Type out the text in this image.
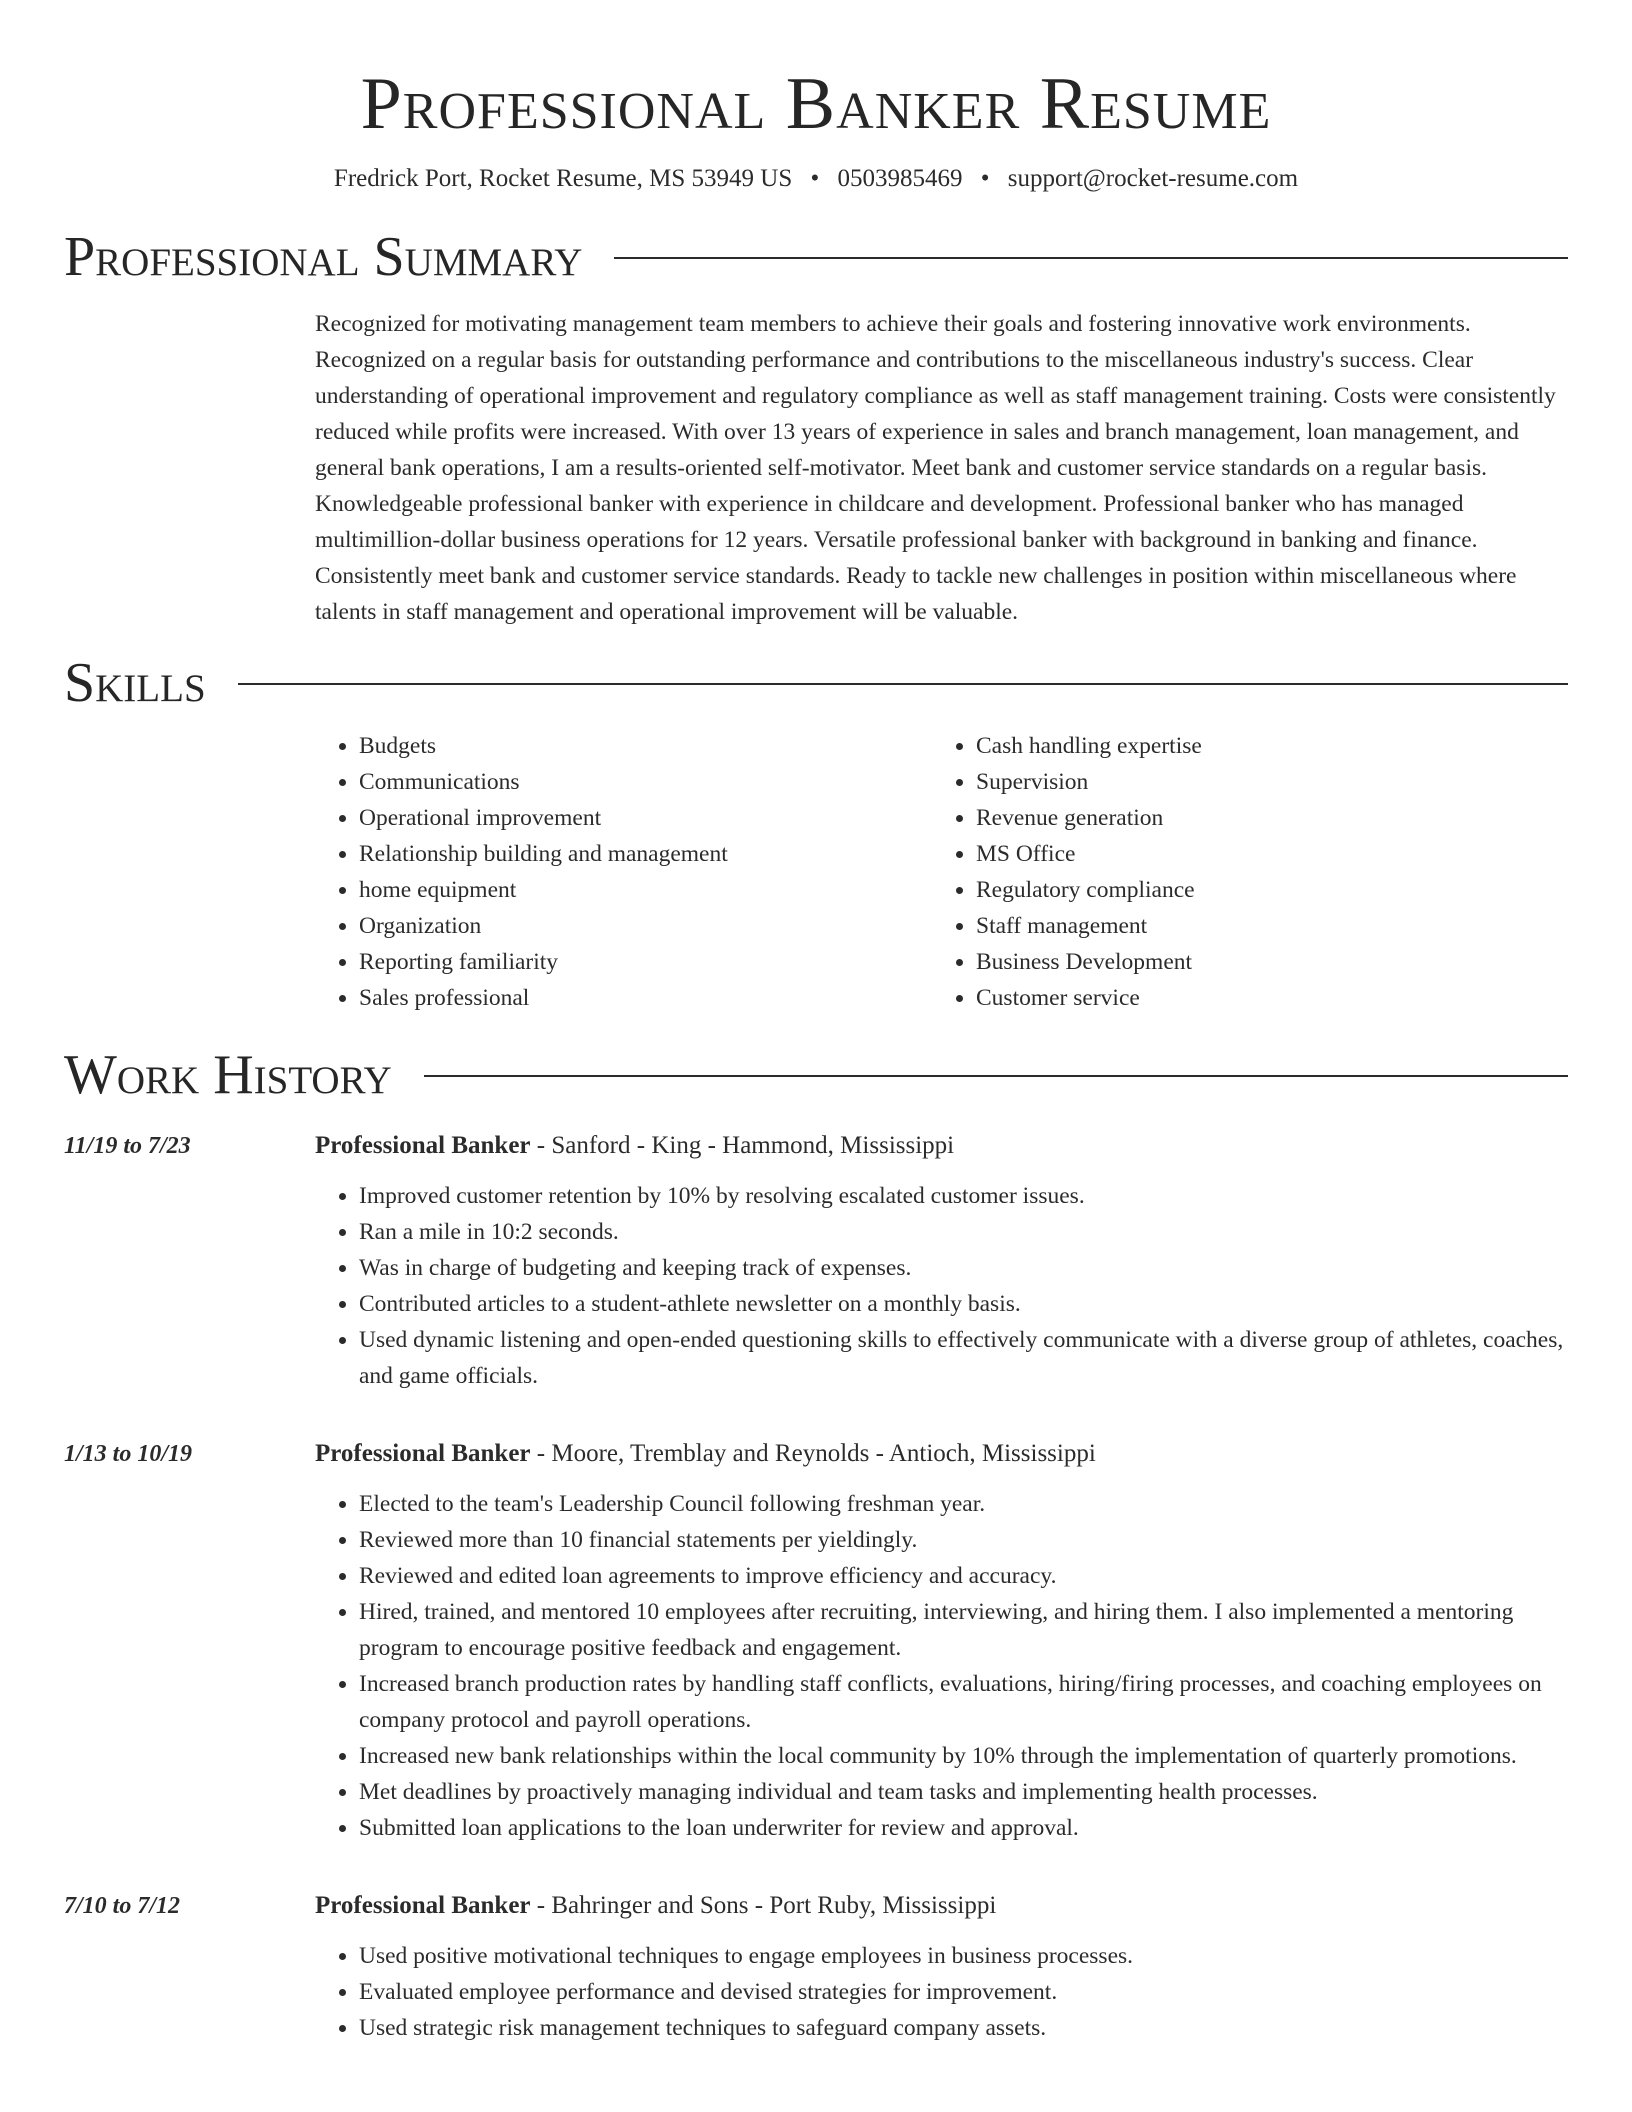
Professional Banker Resume
Fredrick Port, Rocket Resume, MS 53949 US • 0503985469 • support@rocket-resume.com
Professional Summary
Recognized for motivating management team members to achieve their goals and fostering innovative work environments. Recognized on a regular basis for outstanding performance and contributions to the miscellaneous industry's success. Clear understanding of operational improvement and regulatory compliance as well as staff management training. Costs were consistently reduced while profits were increased. With over 13 years of experience in sales and branch management, loan management, and general bank operations, I am a results-oriented self-motivator. Meet bank and customer service standards on a regular basis. Knowledgeable professional banker with experience in childcare and development. Professional banker who has managed multimillion-dollar business operations for 12 years. Versatile professional banker with background in banking and finance. Consistently meet bank and customer service standards. Ready to tackle new challenges in position within miscellaneous where talents in staff management and operational improvement will be valuable.
Skills
• Budgets
• Communications
• Operational improvement
• Relationship building and management
• home equipment
• Organization
• Reporting familiarity
• Sales professional
• Cash handling expertise
• Supervision
• Revenue generation
• MS Office
• Regulatory compliance
• Staff management
• Business Development
• Customer service
Work History
11/19 to 7/23	Professional Banker - Sanford - King - Hammond, Mississippi
• Improved customer retention by 10% by resolving escalated customer issues.
• Ran a mile in 10:2 seconds.
• Was in charge of budgeting and keeping track of expenses.
• Contributed articles to a student-athlete newsletter on a monthly basis.
• Used dynamic listening and open-ended questioning skills to effectively communicate with a diverse group of athletes, coaches, and game officials.
1/13 to 10/19	Professional Banker - Moore, Tremblay and Reynolds - Antioch, Mississippi
• Elected to the team's Leadership Council following freshman year.
• Reviewed more than 10 financial statements per yieldingly.
• Reviewed and edited loan agreements to improve efficiency and accuracy.
• Hired, trained, and mentored 10 employees after recruiting, interviewing, and hiring them. I also implemented a mentoring program to encourage positive feedback and engagement.
• Increased branch production rates by handling staff conflicts, evaluations, hiring/firing processes, and coaching employees on company protocol and payroll operations.
• Increased new bank relationships within the local community by 10% through the implementation of quarterly promotions.
• Met deadlines by proactively managing individual and team tasks and implementing health processes.
• Submitted loan applications to the loan underwriter for review and approval.
7/10 to 7/12	Professional Banker - Bahringer and Sons - Port Ruby, Mississippi
• Used positive motivational techniques to engage employees in business processes.
• Evaluated employee performance and devised strategies for improvement.
• Used strategic risk management techniques to safeguard company assets.
